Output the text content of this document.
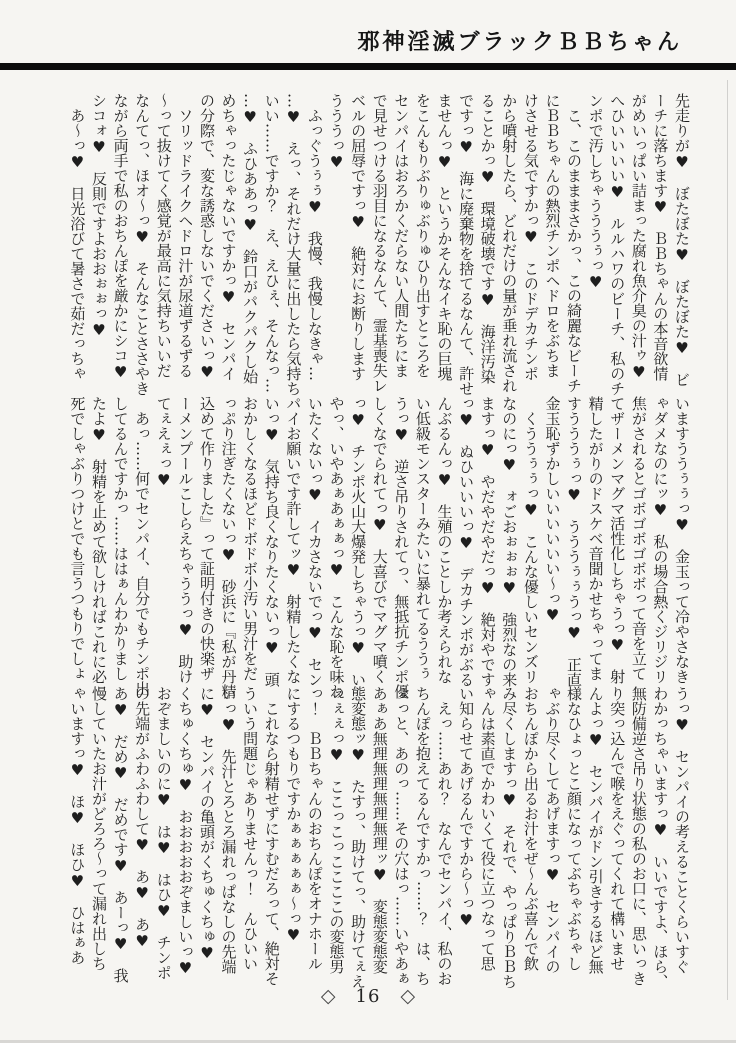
邪神淫滅ブラックＢＢちゃん
先走りが♥　ぼたぼた♥　ぼたぼた♥　ビ
ーチに落ちます♥　ＢＢちゃんの本音欲情
がめいっぱい詰まった腐れ魚介臭の汁ゥ♥
へひいいいい♥　ルルハワのビーチ、私のチ
ンポで汚しちゃうううぅっ♥
　こ、このまままさかっ、この綺麗なビーチ
にＢＢちゃんの熱烈チンポヘドロをぶちま
けさせる気ですかっ♥　このドデカチンポ
から噴射したら、どれだけの量が垂れ流され
ることかっ♥　環境破壊です♥　海洋汚染
ですっ♥　海に廃棄物を捨てるなんて、許せ
ませんっ♥　というかそんなイキ恥の巨塊
をこんもりぶりゅぶりゅひり出すところを
センパイはおろかくだらない人間たちにま
で見せつける羽目になるなんて、霊基喪失レ
ベルの屈辱ですっ♥　絶対にお断りします
うううっ♥
　ふっぐうぅぅ♥　我慢、我慢しなきゃ…
…♥　えっ、それだけ大量に出したら気持ち
いい……ですか？　え、えひぇ、そんなっ…
…♥　ふひああっ♥　鈴口がパクパクし始
めちゃったじゃないですかっ♥　センパイ
の分際で、変な誘惑しないでくださいっ♥
　ソリッドライクヘドロ汁が尿道ずるずる
～って抜けてく感覚が最高に気持ちいいだ
なんてっ、ほオ～っ♥　そんなことささやき
ながら両手で私のおちんぽを厳かにシコ♥
シコォ♥　反則ですよおおぉぉっ♥
　あ～っ♥　日光浴びて暑さで茹だっちゃ
いますううぅぅっ♥　金玉って冷やさなき
ゃダメなのにッ♥　私の場合熱くジリジリ
焦がされるとゴボゴボゴボボって音を立て
てザーメンマグマ活性化しちゃうっ♥　射
精したがりのドスケベ音聞かせちゃってま
すうううぅっ♥　うううぅぅうっ♥　正直
金玉恥ずかしいいいいいい～っ♥
　くううぅぅっ♥　こんな優しいセンズリ
なのにっ♥　ォごおぉぉぉ♥　強烈なの来
ますっ♥　やだやだやだっ♥　絶対やです
っ♥　ぬひいいいっ♥　デカチンポがぶる
んぶるんっ♥　生殖のことしか考えられな
い低級モンスターみたいに暴れてるううぅ
うっ♥　逆さ吊りされてっ、無抵抗チンポ優
しくなでられてっ♥　大喜びでマグマ噴く
っ♥　チンポ火山大爆発しちゃうっ♥　い
やっ、いやあぁあぁぁっ♥　こんな恥を味わ
いたくないっ♥　イカさないでっ♥　セン
パイお願いです許してッ♥　射精したくな
いっ♥　気持ち良くなりたくないっ♥　頭
おかしくなるほどドボドボ小汚い男汁をだ
っぷり注ぎたくないっ♥　砂浜に『私が丹精
込めて作りました』って証明付きの快楽ザ
ーメンプールこしらえちゃううっ♥　助け
てぇえぇっ♥
　あっ……何でセンパイ、自分でもチンポ出
してるんですかっ……ははぁんわかりまし
たよ♥　射精を止めて欲しければこれに必
死でしゃぶりつけとでも言うつもりでしょ
うっ♥　センパイの考えることくらいすぐ
わかっちゃいますっ♥　いいですよ、ほら、
無防備逆さ吊り状態の私のお口に、思いっき
り突っ込んで喉をえぐってくれて構いませ
んよっ♥　センパイがドン引きするほど無
様なひょっとこ顔になってぶちゃぶちゃし
ゃぶり尽くしてあげますっ♥　センパイの
おちんぽから出るお汁をぜ～んぶ喜んで飲
み尽くしますっ♥　それで、やっぱりＢＢち
ゃんは素直でかわいくて役に立つなって思
い知らせてあげるんですから～っ♥
　えっ……あれ？　なんでセンパイ、私のお
ちんぽを抱えてるんですかっ……？　は、ち
ょっと、あのっ……その穴はっ……いやあぁ
あぁあ無理無理無理無理ッ♥　変態変態変
態変態ッ♥　たすっ、助けてっ、助けてぇえ
ぇぇぇっ♥　ここっこっここここの変態男
っ！　ＢＢちゃんのおちんぽをオナホール
にするつもりですかぁぁぁぁぁ～っ♥
　これなら射精せずにすむだろって、絶対そ
ういう問題じゃありませんっ！　んひいい
いっ♥　先汁とろとろ漏れっぱなしの先端
に♥　センパイの亀頭がくちゅくちゅ♥
くちゅくちゅ♥　おおおおおぞましいっ♥
おぞましいのに♥　は♥　はひ♥　チンポ
の先端がふわふわして♥　あ♥　あ♥
あ♥　だめ♥　だめです♥　あーっ♥　我
慢していたお汁がどろろ～って漏れ出しち
ゃいますっ♥　ほ♥　ほひ♥　ひはぁあ
◇ 16 ◇
